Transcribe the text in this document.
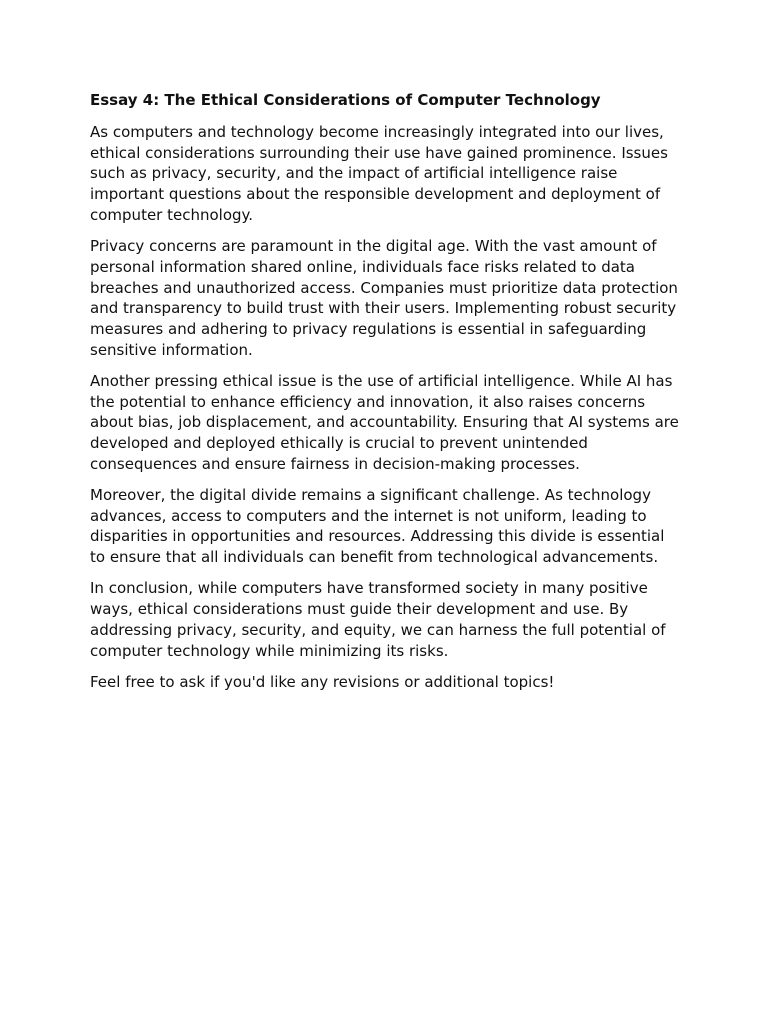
Essay 4: The Ethical Considerations of Computer Technology

As computers and technology become increasingly integrated into our lives, ethical considerations surrounding their use have gained prominence. Issues such as privacy, security, and the impact of artificial intelligence raise important questions about the responsible development and deployment of computer technology.

Privacy concerns are paramount in the digital age. With the vast amount of personal information shared online, individuals face risks related to data breaches and unauthorized access. Companies must prioritize data protection and transparency to build trust with their users. Implementing robust security measures and adhering to privacy regulations is essential in safeguarding sensitive information.

Another pressing ethical issue is the use of artificial intelligence. While AI has the potential to enhance efficiency and innovation, it also raises concerns about bias, job displacement, and accountability. Ensuring that AI systems are developed and deployed ethically is crucial to prevent unintended consequences and ensure fairness in decision-making processes.

Moreover, the digital divide remains a significant challenge. As technology advances, access to computers and the internet is not uniform, leading to disparities in opportunities and resources. Addressing this divide is essential to ensure that all individuals can benefit from technological advancements.

In conclusion, while computers have transformed society in many positive ways, ethical considerations must guide their development and use. By addressing privacy, security, and equity, we can harness the full potential of computer technology while minimizing its risks.

Feel free to ask if you'd like any revisions or additional topics!
